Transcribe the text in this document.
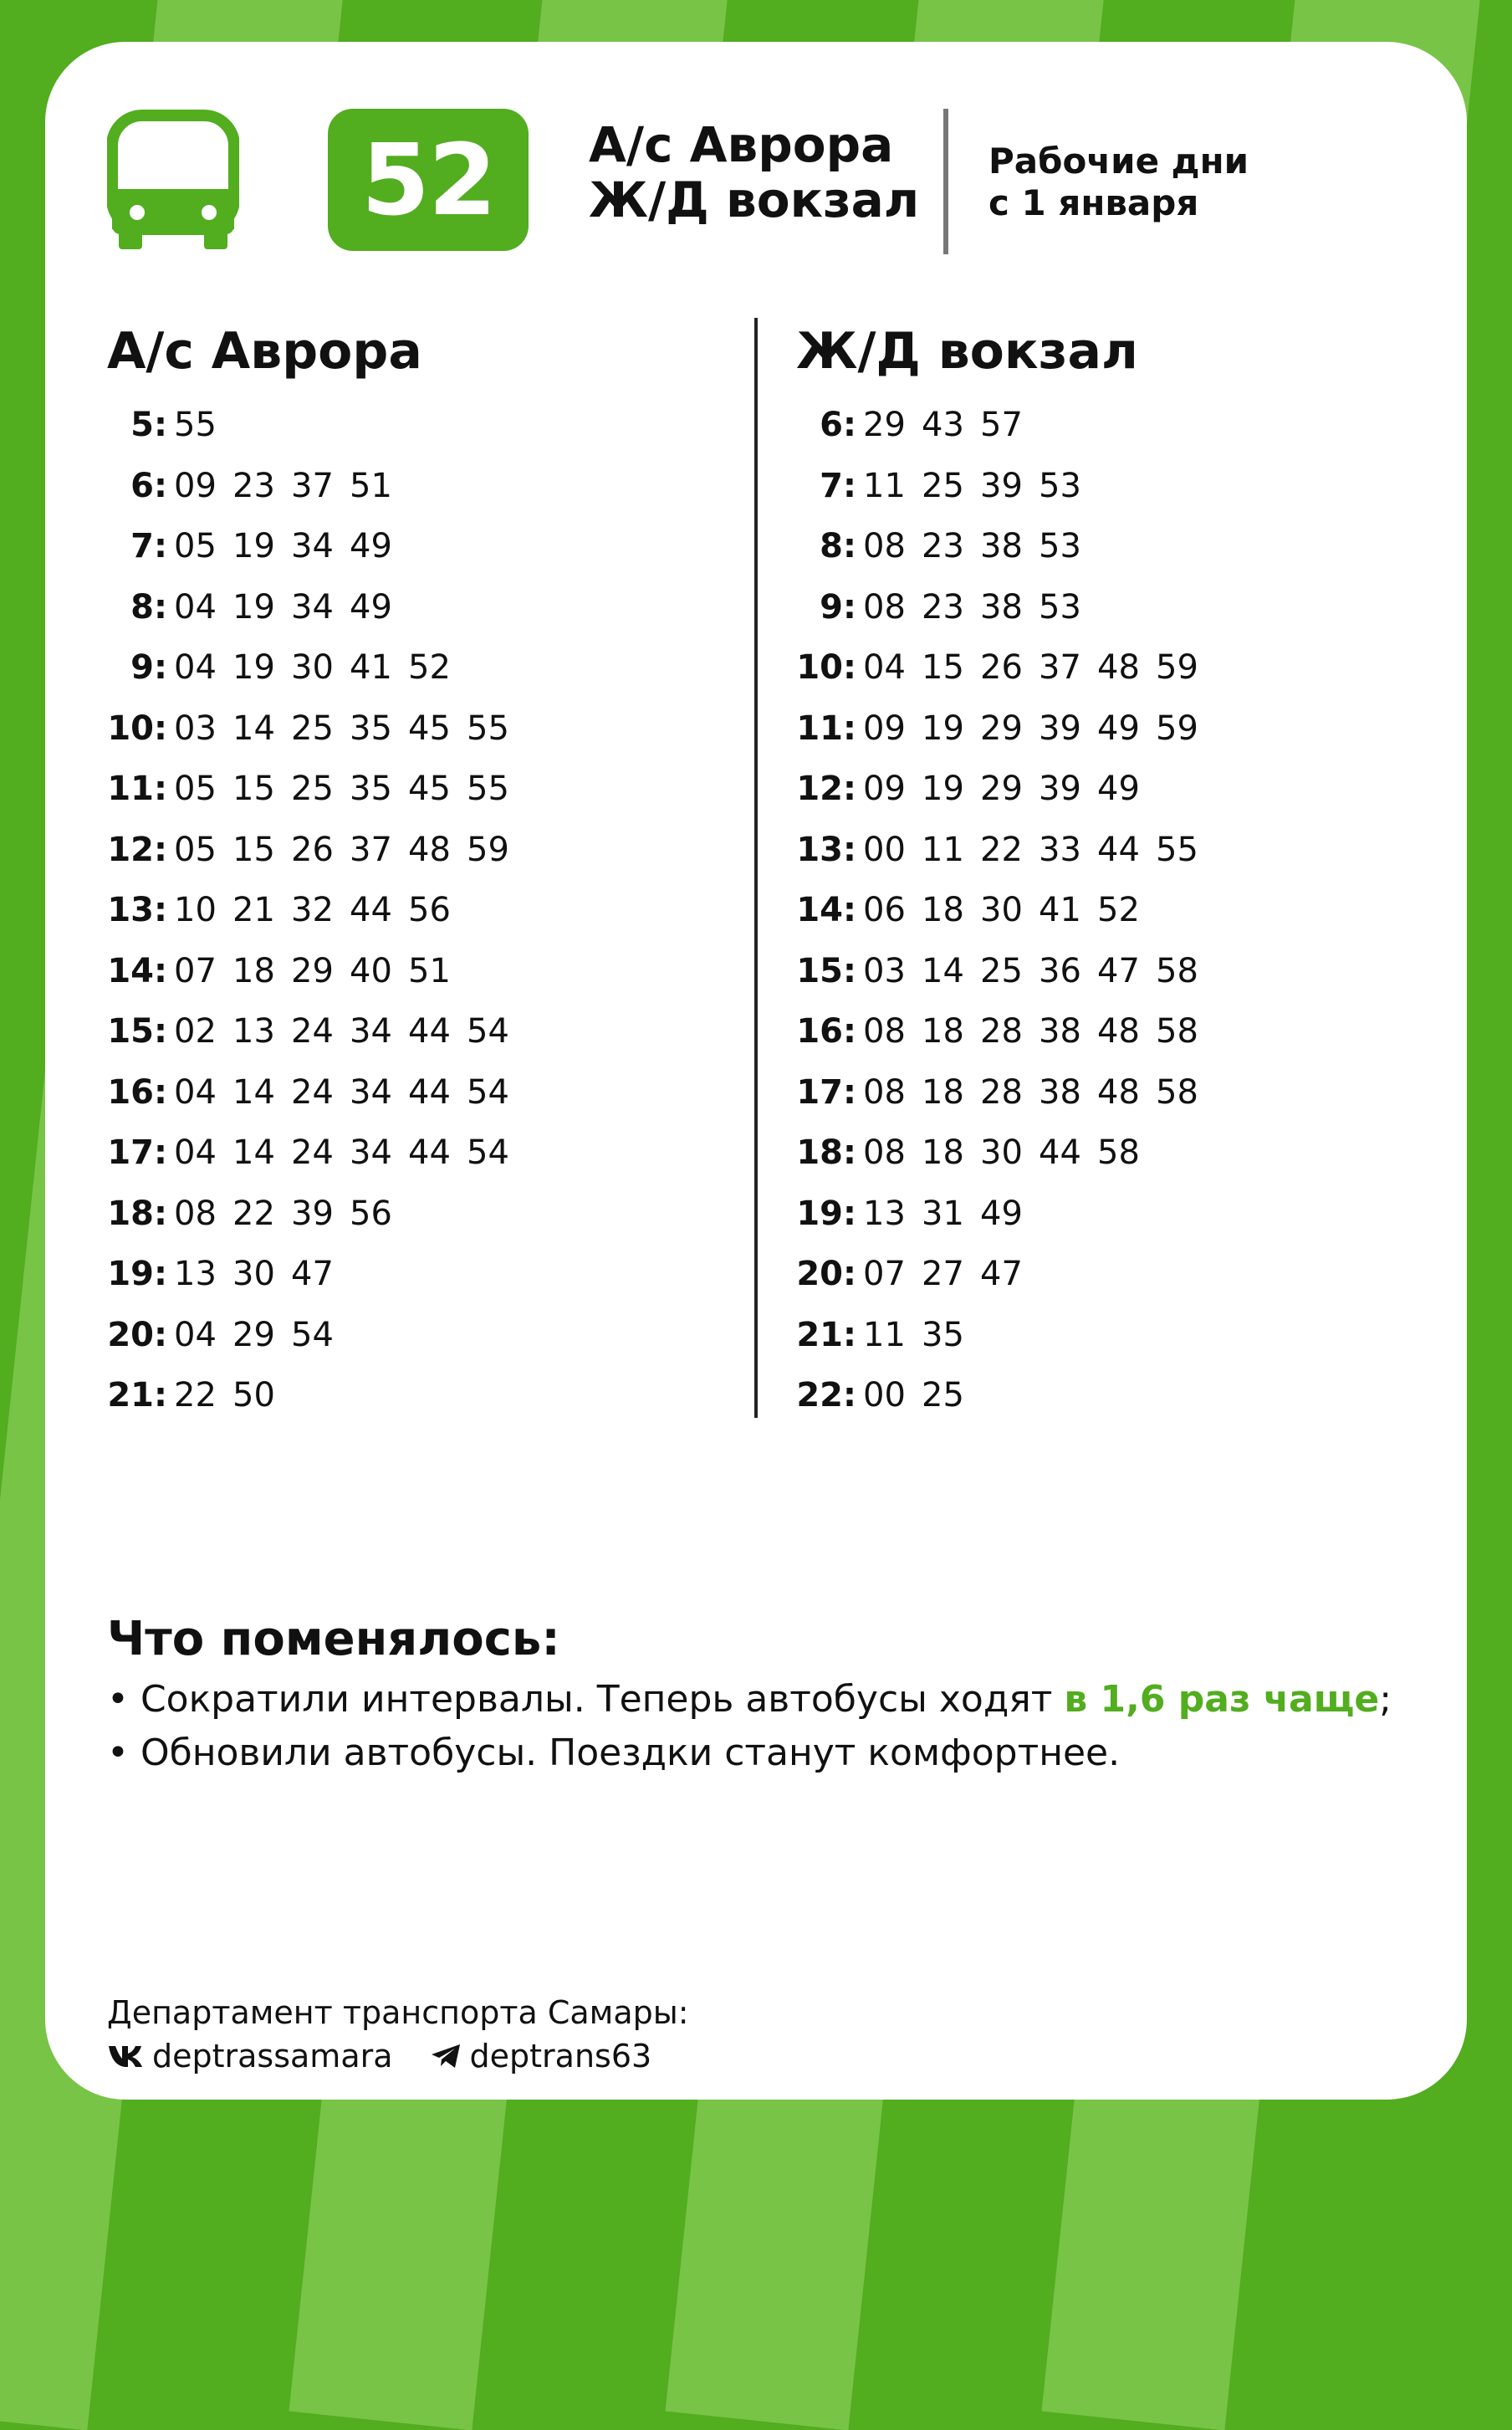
52	А/с Аврора
Ж/Д вокзал
Рабочие дни
с 1 января
А/с Аврора
5: 55
6: 09 23 37 51
7: 05 19 34 49
8: 04 19 34 49
9: 04 19 30 41 52
10: 03 14 25 35 45 55
11: 05 15 25 35 45 55
12: 05 15 26 37 48 59
13: 10 21 32 44 56
14: 07 18 29 40 51
15: 02 13 24 34 44 54
16: 04 14 24 34 44 54
17: 04 14 24 34 44 54
18: 08 22 39 56
19: 13 30 47
20: 04 29 54
21: 22 50
Ж/Д вокзал
6: 29 43 57
7: 11 25 39 53
8: 08 23 38 53
9: 08 23 38 53
10: 04 15 26 37 48 59
11: 09 19 29 39 49 59
12: 09 19 29 39 49
13: 00 11 22 33 44 55
14: 06 18 30 41 52
15: 03 14 25 36 47 58
16: 08 18 28 38 48 58
17: 08 18 28 38 48 58
18: 08 18 30 44 58
19: 13 31 49
20: 07 27 47
21: 11 35
22: 00 25
Что поменялось:
• Сократили интервалы. Теперь автобусы ходят в 1,6 раз чаще;
• Обновили автобусы. Поездки станут комфортнее.
Департамент транспорта Самары:
deptrassamara deptrans63
